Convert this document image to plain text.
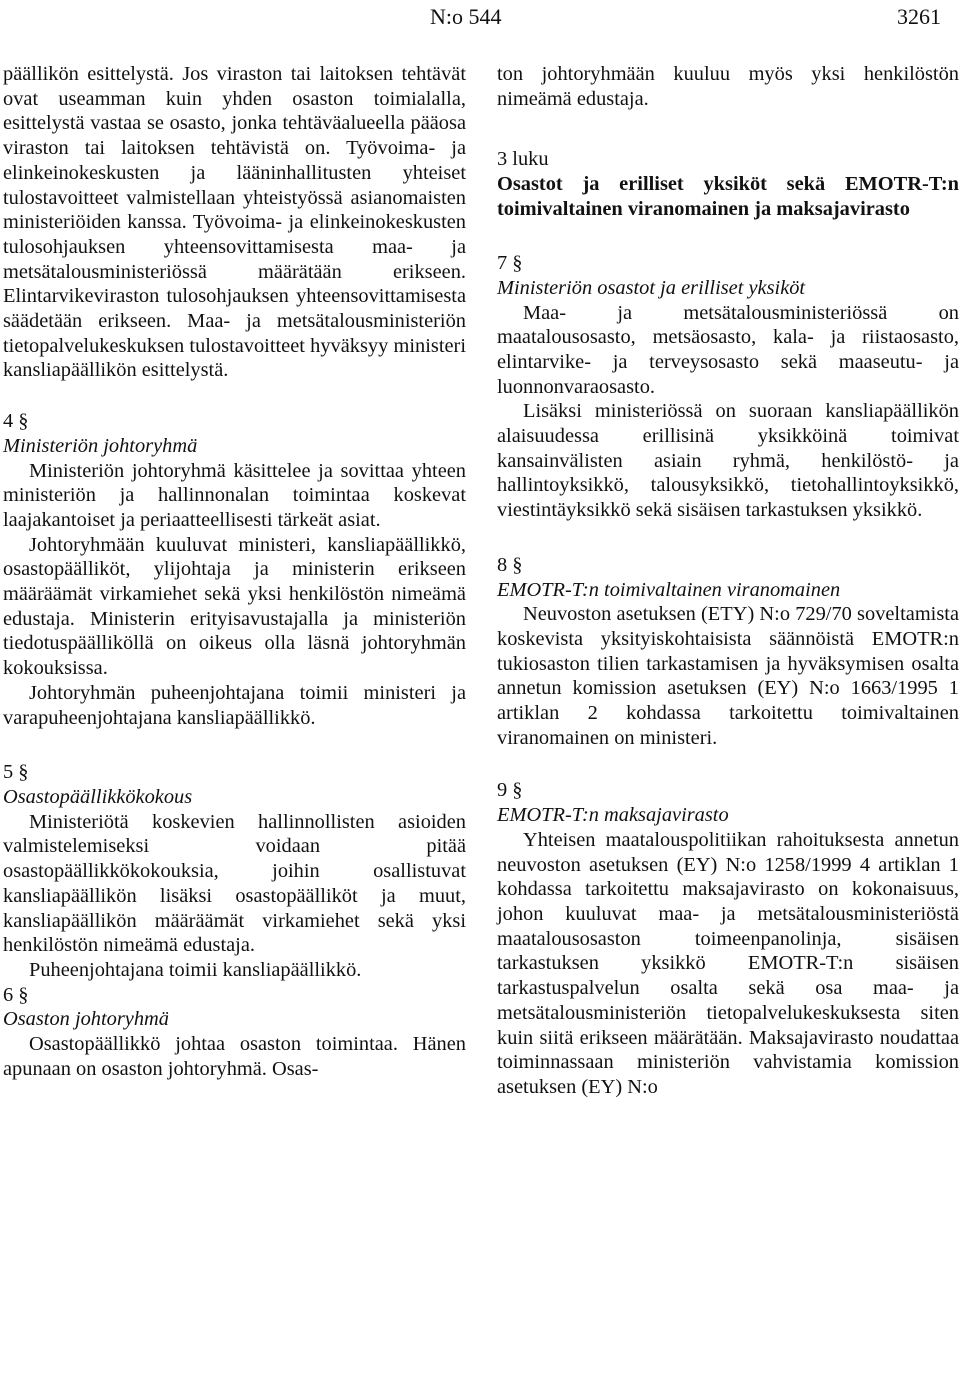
N:o 544	3261

päällikön esittelystä. Jos viraston tai laitoksen tehtävät ovat useamman kuin yhden osaston toimialalla, esittelystä vastaa se osasto, jonka tehtäväalueella pääosa viraston tai laitoksen tehtävistä on. Työvoima- ja elinkeinokeskusten ja lääninhallitusten yhteiset tulostavoitteet valmistellaan yhteistyössä asianomaisten ministeriöiden kanssa. Työvoima- ja elinkeinokeskusten tulosohjauksen yhteensovittamisesta maa- ja metsätalousministeriössä määrätään erikseen. Elintarvikeviraston tulosohjauksen yhteensovittamisesta säädetään erikseen. Maa- ja metsätalousministeriön tietopalvelukeskuksen tulostavoitteet hyväksyy ministeri kansliapäällikön esittelystä.

4 §

Ministeriön johtoryhmä

Ministeriön johtoryhmä käsittelee ja sovittaa yhteen ministeriön ja hallinnonalan toimintaa koskevat laajakantoiset ja periaatteellisesti tärkeät asiat.

Johtoryhmään kuuluvat ministeri, kansliapäällikkö, osastopäälliköt, ylijohtaja ja ministerin erikseen määräämät virkamiehet sekä yksi henkilöstön nimeämä edustaja. Ministerin erityisavustajalla ja ministeriön tiedotuspäälliköllä on oikeus olla läsnä johtoryhmän kokouksissa.

Johtoryhmän puheenjohtajana toimii ministeri ja varapuheenjohtajana kansliapäällikkö.

5 §

Osastopäällikkökokous

Ministeriötä koskevien hallinnollisten asioiden valmistelemiseksi voidaan pitää osastopäällikkökokouksia, joihin osallistuvat kansliapäällikön lisäksi osastopäälliköt ja muut, kansliapäällikön määräämät virkamiehet sekä yksi henkilöstön nimeämä edustaja.

Puheenjohtajana toimii kansliapäällikkö.

6 §

Osaston johtoryhmä

Osastopäällikkö johtaa osaston toimintaa. Hänen apunaan on osaston johtoryhmä. Osas-

ton johtoryhmään kuuluu myös yksi henkilöstön nimeämä edustaja.

3 luku

Osastot ja erilliset yksiköt sekä EMOTR-T:n toimivaltainen viranomainen ja maksajavirasto

7 §

Ministeriön osastot ja erilliset yksiköt

Maa- ja metsätalousministeriössä on maatalousosasto, metsäosasto, kala- ja riistaosasto, elintarvike- ja terveysosasto sekä maaseutu- ja luonnonvaraosasto.

Lisäksi ministeriössä on suoraan kansliapäällikön alaisuudessa erillisinä yksikköinä toimivat kansainvälisten asiain ryhmä, henkilöstö- ja hallintoyksikkö, talousyksikkö, tietohallintoyksikkö, viestintäyksikkö sekä sisäisen tarkastuksen yksikkö.

8 §

EMOTR-T:n toimivaltainen viranomainen

Neuvoston asetuksen (ETY) N:o 729/70 soveltamista koskevista yksityiskohtaisista säännöistä EMOTR:n tukiosaston tilien tarkastamisen ja hyväksymisen osalta annetun komission asetuksen (EY) N:o 1663/1995 1 artiklan 2 kohdassa tarkoitettu toimivaltainen viranomainen on ministeri.

9 §

EMOTR-T:n maksajavirasto

Yhteisen maatalouspolitiikan rahoituksesta annetun neuvoston asetuksen (EY) N:o 1258/1999 4 artiklan 1 kohdassa tarkoitettu maksajavirasto on kokonaisuus, johon kuuluvat maa- ja metsätalousministeriöstä maatalousosaston toimeenpanolinja, sisäisen tarkastuksen yksikkö EMOTR-T:n sisäisen tarkastuspalvelun osalta sekä osa maa- ja metsätalousministeriön tietopalvelukeskuksesta siten kuin siitä erikseen määrätään. Maksajavirasto noudattaa toiminnassaan ministeriön vahvistamia komission asetuksen (EY) N:o
